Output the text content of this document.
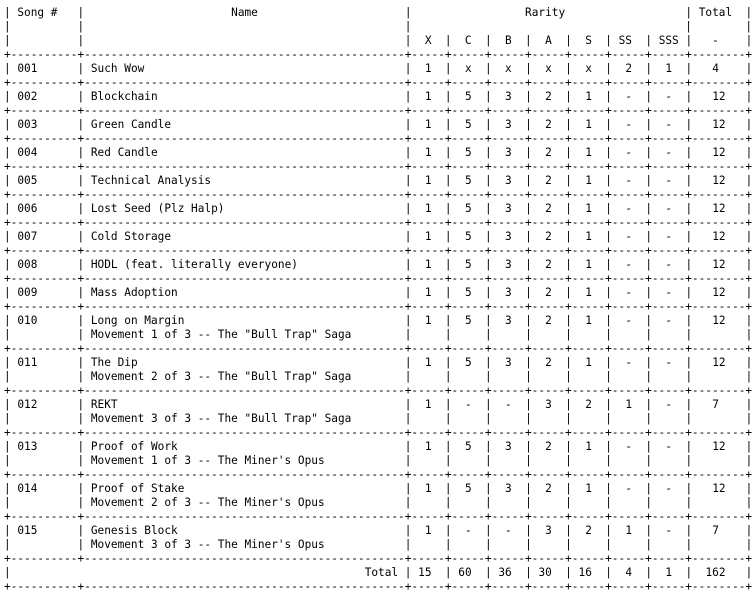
| Song # |	Name	|	Rarity	| Total |
|	|	|	|	|
|	|	| X | C | B | A | S | SS | SSS | - |
+----------+------------------------------------------------+-----+-----+-----+-----+-----+-----+-----+--------+
| 001	| Such Wow	| 1 | x | x | x | x | 2 | 1 | 4 |
+----------+------------------------------------------------+-----+-----+-----+-----+-----+-----+-----+--------+
| 002	| Blockchain	| 1 | 5 | 3 | 2 | 1 | - | - | 12 |
+----------+------------------------------------------------+-----+-----+-----+-----+-----+-----+-----+--------+
| 003	| Green Candle	| 1 | 5 | 3 | 2 | 1 | - | - | 12 |
+----------+------------------------------------------------+-----+-----+-----+-----+-----+-----+-----+--------+
| 004	| Red Candle	| 1 | 5 | 3 | 2 | 1 | - | - | 12 |
+----------+------------------------------------------------+-----+-----+-----+-----+-----+-----+-----+--------+
| 005	| Technical Analysis	| 1 | 5 | 3 | 2 | 1 | - | - | 12 |
+----------+------------------------------------------------+-----+-----+-----+-----+-----+-----+-----+--------+
| 006	| Lost Seed (Plz Halp)	| 1 | 5 | 3 | 2 | 1 | - | - | 12 |
+----------+------------------------------------------------+-----+-----+-----+-----+-----+-----+-----+--------+
| 007	| Cold Storage	| 1 | 5 | 3 | 2 | 1 | - | - | 12 |
+----------+------------------------------------------------+-----+-----+-----+-----+-----+-----+-----+--------+
| 008	| HODL (feat. literally everyone)	| 1 | 5 | 3 | 2 | 1 | - | - | 12 |
+----------+------------------------------------------------+-----+-----+-----+-----+-----+-----+-----+--------+
| 009	| Mass Adoption	| 1 | 5 | 3 | 2 | 1 | - | - | 12 |
+----------+------------------------------------------------+-----+-----+-----+-----+-----+-----+-----+--------+
| 010	| Long on Margin	| 1 | 5 | 3 | 2 | 1 | - | - | 12 |
|	| Movement 1 of 3 -- The "Bull Trap" Saga	|	|	|	|	|	|	|	|	|
+----------+------------------------------------------------+-----+-----+-----+-----+-----+-----+-----+--------+
| 011	| The Dip	| 1 | 5 | 3 | 2 | 1 | - | - | 12 |
|	| Movement 2 of 3 -- The "Bull Trap" Saga	|	|	|	|	|	|	|	|	|
+----------+------------------------------------------------+-----+-----+-----+-----+-----+-----+-----+--------+
| 012	| REKT	| 1 | - | - | 3 | 2 | 1 | - | 7 |
|	| Movement 3 of 3 -- The "Bull Trap" Saga	|	|	|	|	|	|	|	|	|
+----------+------------------------------------------------+-----+-----+-----+-----+-----+-----+-----+--------+
| 013	| Proof of Work	| 1 | 5 | 3 | 2 | 1 | - | - | 12 |
|	| Movement 1 of 3 -- The Miner's Opus	|	|	|	|	|	|	|	|	|
+----------+------------------------------------------------+-----+-----+-----+-----+-----+-----+-----+--------+
| 014	| Proof of Stake	| 1 | 5 | 3 | 2 | 1 | - | - | 12 |
|	| Movement 2 of 3 -- The Miner's Opus	|	|	|	|	|	|	|	|	|
+----------+------------------------------------------------+-----+-----+-----+-----+-----+-----+-----+--------+
| 015	| Genesis Block	| 1 | - | - | 3 | 2 | 1 | - | 7 |
|	| Movement 3 of 3 -- The Miner's Opus	|	|	|	|	|	|	|	|	|
+----------+------------------------------------------------+-----+-----+-----+-----+-----+-----+-----+--------+
|	Total | 15 | 60 | 36 | 30 | 16 | 4 | 1 | 162 |
+----------+------------------------------------------------+-----+-----+-----+-----+-----+-----+-----+--------+
